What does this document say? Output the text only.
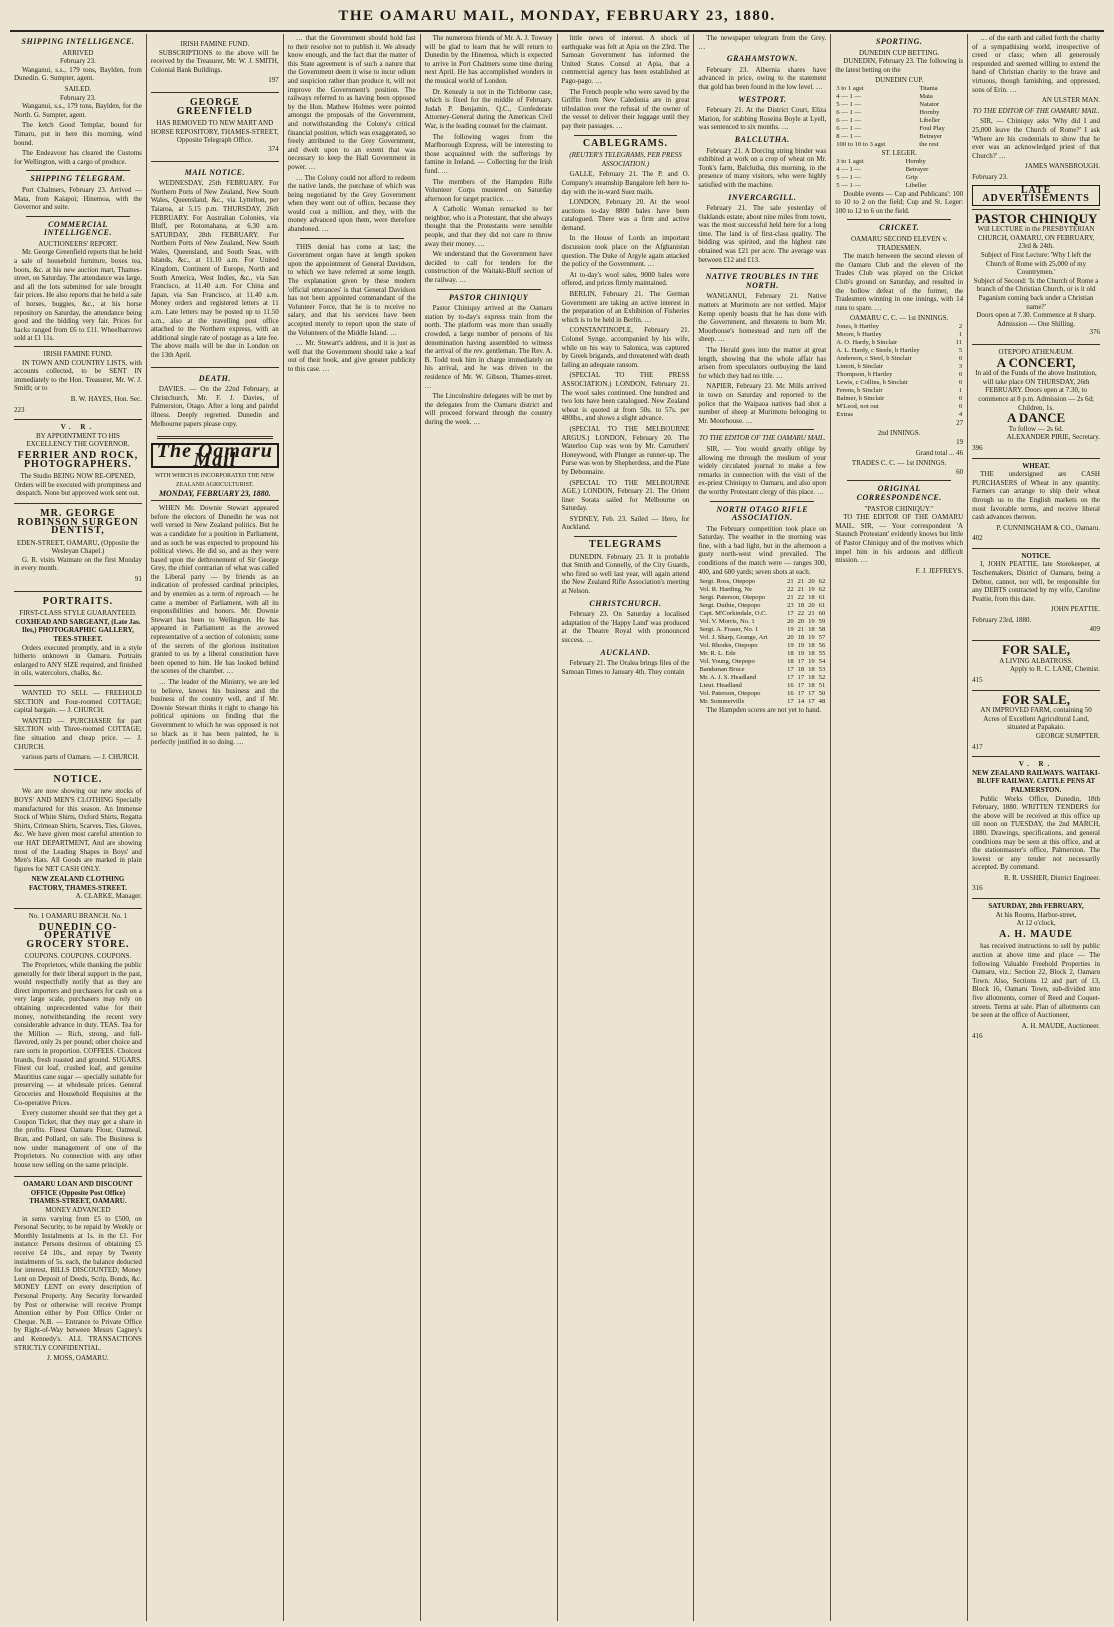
THE OAMARU MAIL, MONDAY, FEBRUARY 23, 1880.
SHIPPING INTELLIGENCE.
ARRIVED
February 23.
Wanganui, s.s., 179 tons, Baylden, from Dunedin. G. Sumpter, agent.
SAILED.
February 23.
Wanganui, s.s., 179 tons, Baylden, for the North. G. Sumpter, agent.
The ketch Good Templar, bound for Timaru, put in here this morning, wind bound.
The Endeavour has cleared the Customs for Wellington, with a cargo of produce.
SHIPPING TELEGRAM.
Port Chalmers, February 23. Arrived — Mata, from Kaiapoi; Hinemoa, with the Governor and suite.
COMMERCIAL INTELLIGENCE.
AUCTIONEERS' REPORT.
Mr. George Greenfield reports that he held a sale of household furniture, boxes tea, boots, &c. at his new auction mart, Thames-street, on Saturday. The attendance was large, and all the lots submitted for sale brought fair prices. He also reports that he held a sale of horses, buggies, &c., at his horse repository on Saturday, the attendance being good and the bidding very fair. Prices for hacks ranged from £6 to £11. Wheelbarrows sold at £1 11s.
IRISH FAMINE FUND.
IN TOWN AND COUNTRY LISTS, with accounts collected, to be SENT IN immediately to the Hon. Treasurer, Mr. W. J. Smith; or to
B. W. HAYES, Hon. Sec.
223
V. R.
BY APPOINTMENT TO HIS EXCELLENCY THE GOVERNOR.
FERRIER AND ROCK, PHOTOGRAPHERS.
The Studio BEING NOW RE-OPENED, Orders will be executed with promptness and despatch. None but approved work sent out.
MR. GEORGE ROBINSON SURGEON DENTIST,
EDEN-STREET, OAMARU, (Opposite the Wesleyan Chapel.)
G. R. visits Waimate on the first Monday in every month.
91
PORTRAITS.
FIRST-CLASS STYLE GUARANTEED.
COXHEAD AND SARGEANT, (Late Jas. Iles,) PHOTOGRAPHIC GALLERY, TEES-STREET.
Orders executed promptly, and in a style hitherto unknown in Oamaru. Portraits enlarged to ANY SIZE required, and finished in oils, watercolors, chalks, &c.
WANTED TO SELL — FREEHOLD SECTION and Four-roomed COTTAGE; capital bargain. — J. CHURCH.
WANTED — PURCHASER for part SECTION with Three-roomed COTTAGE; fine situation and cheap price. — J. CHURCH.
various parts of Oamaru. — J. CHURCH.
NOTICE.
We are now showing our new stocks of BOYS' AND MEN'S CLOTHING Specially manufactured for this season. An Immense Stock of White Shirts, Oxford Shirts, Regatta Shirts, Crimean Shirts, Scarves, Ties, Gloves, &c. We have given most careful attention to our HAT DEPARTMENT, And are showing most of the Leading Shapes in Boys' and Men's Hats. All Goods are marked in plain figures for NET CASH ONLY.
NEW ZEALAND CLOTHING FACTORY, THAMES-STREET.
A. CLARKE, Manager.
No. 1 OAMARU BRANCH. No. 1
DUNEDIN CO-OPERATIVE GROCERY STORE.
COUPONS. COUPONS. COUPONS.
The Proprietors, while thanking the public generally for their liberal support in the past, would respectfully notify that as they are direct importers and purchasers for cash on a very large scale, purchasers may rely on obtaining unprecedented value for their money, notwithstanding the recent very considerable advance in duty. TEAS. Tea for the Million — Rich, strong, and full-flavored, only 2s per pound; other choice and rare sorts in proportion. COFFEES. Choicest brands, fresh roasted and ground. SUGARS. Finest cut loaf, crushed loaf, and genuine Mauritius cane sugar — specially suitable for preserving — at wholesale prices. General Groceries and Household Requisites at the Co-operative Prices.
Every customer should see that they get a Coupon Ticket, that they may get a share in the profits. Finest Oamaru Flour, Oatmeal, Bran, and Pollard, on sale. The Business is now under management of one of the Proprietors. No connection with any other house now selling on the same principle.
OAMARU LOAN AND DISCOUNT OFFICE (Opposite Post Office) THAMES-STREET, OAMARU.
MONEY ADVANCED
in sums varying from £5 to £500, on Personal Security, to be repaid by Weekly or Monthly Instalments at 1s. in the £1. For instance: Persons desirous of obtaining £5 receive £4 10s., and repay by Twenty instalments of 5s. each, the balance deducted for interest. BILLS DISCOUNTED; Money Lent on Deposit of Deeds, Scrip, Bonds, &c. MONEY LENT on every description of Personal Property. Any Security forwarded by Post or otherwise will receive Prompt Attention either by Post Office Order or Cheque. N.B. — Entrance to Private Office by Right-of-Way between Messrs Cagney's and Kennedy's. ALL TRANSACTIONS STRICTLY CONFIDENTIAL.
J. MOSS, OAMARU.
IRISH FAMINE FUND.
SUBSCRIPTIONS to the above will be received by the Treasurer, Mr. W. J. SMITH, Colonial Bank Buildings.
197
GEORGE GREENFIELD
HAS REMOVED TO NEW MART AND HORSE REPOSITORY, THAMES-STREET, Opposite Telegraph Office.
374
MAIL NOTICE.
WEDNESDAY, 25th FEBRUARY. For Northern Ports of New Zealand, New South Wales, Queensland, &c., via Lyttelton, per Taiaroa, at 5.15 p.m. THURSDAY, 26th FEBRUARY. For Australian Colonies, via Bluff, per Rotomahana, at 6.30 a.m. SATURDAY, 28th FEBRUARY. For Northern Ports of New Zealand, New South Wales, Queensland, and South Seas, with Islands, &c., at 11.10 a.m. For United Kingdom, Continent of Europe, North and South America, West Indies, &c., via San Francisco, at 11.40 a.m. For China and Japan, via San Francisco, at 11.40 a.m. Money orders and registered letters at 11 a.m. Late letters may be posted up to 11.50 a.m., also at the travelling post office attached to the Northern express, with an additional single rate of postage as a late fee. The above mails will be due in London on the 13th April.
DEATH.
DAVIES. — On the 22nd February, at Christchurch, Mr. F. J. Davies, of Palmerston, Otago. After a long and painful illness. Deeply regretted. Dunedin and Melbourne papers please copy.
The Oamaru Mail
WITH WHICH IS INCORPORATED THE NEW ZEALAND AGRICULTURIST.
MONDAY, FEBRUARY 23, 1880.
WHEN Mr. Downie Stewart appeared before the electors of Dunedin he was not well versed in New Zealand politics. But he was a candidate for a position in Parliament, and as such he was expected to propound his political views. He did so, and as they were based upon the dethronement of Sir George Grey, the chief contrarian of what was called the Liberal party — by friends as an indication of professed cardinal principles, and by enemies as a term of reproach — he came a member of Parliament, with all its responsibilities and honors. Mr. Downie Stewart has been to Wellington. He has appeared in Parliament as the avowed representative of a section of colonists; some of the secrets of the glorious institution granted to us by a liberal constitution have been opened to him. He has looked behind the scenes of the chamber. …
… The leader of the Ministry, we are led to believe, knows his business and the business of the country well, and if Mr. Downie Stewart thinks it right to change his political opinions on finding that the Government to which he was opposed is not so black as it has been painted, he is perfectly justified in so doing. …
… that the Government should hold fast to their resolve not to publish it. We already know enough, and the fact that the matter of this State agreement is of such a nature that the Government deem it wise to incur odium and suspicion rather than produce it, will not improve the Government's position. The railways referred to as having been opposed by the Hon. Mathew Holmes were pointed amongst the proposals of the Government, and notwithstanding the Colony's critical financial position, which was exaggerated, so freely attributed to the Grey Government, and dwelt upon to an extent that was necessary to keep the Hall Government in power. …
… The Colony could not afford to redeem the native lands, the purchase of which was being negotiated by the Grey Government when they went out of office, because they would cost a million, and they, with the money advanced upon them, were therefore abandoned. …
THIS denial has come at last; the Government organ have at length spoken upon the appointment of General Davidson, to which we have referred at some length. The explanation given by these modern 'official utterances' is that General Davidson has not been appointed commandant of the Volunteer Force, that he is to receive no salary, and that his services have been accepted merely to report upon the state of the Volunteers of the Middle Island. …
… Mr. Stewart's address, and it is just as well that the Government should take a leaf out of their book, and give greater publicity to this case. …
The numerous friends of Mr. A. J. Towsey will be glad to learn that he will return to Dunedin by the Hinemoa, which is expected to arrive in Port Chalmers some time during next April. He has accomplished wonders in the musical world of London.
Dr. Kenealy is not in the Tichborne case, which is fixed for the middle of February. Judah P. Benjamin, Q.C., Confederate Attorney-General during the American Civil War, is the leading counsel for the claimant.
The following wages from the Marlborough Express, will be interesting to those acquainted with the sufferings by famine in Ireland. — Collecting for the Irish fund. …
The members of the Hampden Rifle Volunteer Corps mustered on Saturday afternoon for target practice. …
A Catholic Woman remarked to her neighbor, who is a Protestant, that she always thought that the Protestants were sensible people, and that they did not care to throw away their money. …
We understand that the Government have decided to call for tenders for the construction of the Waitaki-Bluff section of the railway. …
PASTOR CHINIQUY
Pastor Chiniquy arrived at the Oamaru station by to-day's express train from the north. The platform was more than usually crowded, a large number of persons of his denomination having assembled to witness the arrival of the rev. gentleman. The Rev. A. B. Todd took him in charge immediately on his arrival, and he was driven to the residence of Mr. W. Gibson, Thames-street. …
The Lincolnshire delegates will be met by the delegates from the Oamaru district and will proceed forward through the country during the week. …
little news of interest. A shock of earthquake was felt at Apia on the 23rd. The Samoan Government has informed the United States Consul at Apia, that a commercial agency has been established at Pago-pago. …
The French people who were saved by the Griffin from New Caledonia are in great tribulation over the refusal of the owner of the vessel to deliver their luggage until they pay their passages. …
CABLEGRAMS.
(REUTER'S TELEGRAMS, PER PRESS ASSOCIATION.)
GALLE, February 21. The P. and O. Company's steamship Bangalore left here to-day with the in-ward Suez mails.
LONDON, February 20. At the wool auctions to-day 8800 bales have been catalogued. There was a firm and active demand.
In the House of Lords an important discussion took place on the Afghanistan question. The Duke of Argyle again attacked the policy of the Government. …
At to-day's wool sales, 9000 bales were offered, and prices firmly maintained.
BERLIN, February 21. The German Government are taking an active interest in the preparation of an Exhibition of Fisheries which is to be held in Berlin. …
CONSTANTINOPLE, February 21. Colonel Synge, accompanied by his wife, while on his way to Salonica, was captured by Greek brigands, and threatened with death failing an adequate ransom.
(SPECIAL TO THE PRESS ASSOCIATION.) LONDON, February 21. The wool sales continued. One hundred and two lots have been catalogued. New Zealand wheat is quoted at from 50s. to 57s. per 480lbs., and shows a slight advance.
(SPECIAL TO THE MELBOURNE ARGUS.) LONDON, February 20. The Waterloo Cup was won by Mr. Carruthers' Honeywood, with Plunger as runner-up. The Purse was won by Shepherdess, and the Plate by Debonnaire.
(SPECIAL TO THE MELBOURNE AGE.) LONDON, February 21. The Orient liner Sorata sailed for Melbourne on Saturday.
SYDNEY, Feb. 23. Sailed — Hero, for Auckland.
TELEGRAMS
DUNEDIN. February 23. It is probable that Smith and Connelly, of the City Guards, who fired so well last year, will again attend the New Zealand Rifle Association's meeting at Nelson.
CHRISTCHURCH.
February 23. On Saturday a localised adaptation of the 'Happy Land' was produced at the Theatre Royal with pronounced success. …
AUCKLAND.
February 21. The Oralea brings files of the Samoan Times to January 4th. They contain
The newspaper telegram from the Grey. …
GRAHAMSTOWN.
February 23. Albernia shares have advanced in price, owing to the statement that gold has been found in the low level. …
WESTPORT.
February 21. At the District Court, Eliza Marion, for stabbing Roseina Boyle at Lyell, was sentenced to six months. …
BALCLUTHA.
February 21. A Dorcing string binder was exhibited at work on a crop of wheat on Mr. Tonk's farm, Balclutha, this morning, in the presence of many visitors, who were highly satisfied with the machine.
INVERCARGILL.
February 21. The sale yesterday of Oaklands estate, about nine miles from town, was the most successful held here for a long time. The land is of first-class quality. The bidding was spirited, and the highest rate obtained was £21 per acre. The average was between £12 and £13.
NATIVE TROUBLES IN THE NORTH.
WANGANUI, February 21. Native matters at Murimotu are not settled. Major Kemp openly boasts that he has done with the Government, and threatens to burn Mr. Moorhouse's homestead and turn off the sheep. …
The Herald goes into the matter at great length, showing that the whole affair has arisen from speculators outbuying the land for which they had no title. …
NAPIER, February 23. Mr. Mills arrived in town on Saturday and reported to the police that the Waipaoa natives had shot a number of sheep at Murimotu belonging to Mr. Moorhouse. …
TO THE EDITOR OF THE OAMARU MAIL.
SIR, — You would greatly oblige by allowing me through the medium of your widely circulated journal to make a few remarks in connection with the visit of the ex-priest Chiniquy to Oamaru, and also upon the worthy Protestant clergy of this place. …
NORTH OTAGO RIFLE ASSOCIATION.
The February competition took place on Saturday. The weather in the morning was fine, with a bad light, but in the afternoon a gusty north-west wind prevailed. The conditions of the match were — ranges 300, 400, and 600 yards; seven shots at each.
Sergt. Ross, Otepopo	21	21	20	62
Vol. R. Harding, Ne	22	21	19	62
Sergt. Paterson, Otepopo	21	22	18	61
Sergt. Duthie, Otepopo	23	18	20	61
Capt. M'Corkindale, O.C.	17	22	21	60
Vol. V. Morris, No. 1	20	20	19	59
Sergt. A. Fraser, No. 1	19	21	18	58
Vol. J. Sharp, Grange, Art	20	18	19	57
Vol. Rhodes, Otepopo	19	19	18	56
Mr. R. L. Ede	18	19	18	55
Vol. Young, Otepopo	18	17	19	54
Bandsman Bruce	17	18	18	53
Mr. A. J. S. Headland	17	17	18	52
Lieut. Headland	16	17	18	51
Vol. Paterson, Otepopo	16	17	17	50
Mr. Sommerville	17	14	17	48
The Hampden scores are not yet to hand.
SPORTING.
DUNEDIN CUP BETTING.
DUNEDIN, February 23. The following is the latest betting on the
DUNEDIN CUP.
3 to 1 agst	Titania
4 — 1 —	Mata
5 — 1 —	Natator
6 — 1 —	Hornby
6 — 1 —	Libeller
6 — 1 —	Foul Play
8 — 1 —	Betrayer
100 to 10 to 3 agst	the rest
ST. LEGER.
3 to 1 agst	Hornby
4 — 1 —	Betrayer
5 — 1 —	Grip
5 — 1 —	Libeller
Double events — Cup and Publicans': 100 to 10 to 2 on the field; Cup and St. Leger: 100 to 12 to 6 on the field.
CRICKET.
OAMARU SECOND ELEVEN v. TRADESMEN.
The match between the second eleven of the Oamaru Club and the eleven of the Trades Club was played on the Cricket Club's ground on Saturday, and resulted in the hollow defeat of the former, the Tradesmen winning in one innings, with 14 runs to spare. …
OAMARU C. C. — 1st INNINGS.
Jones, b Hartley	2
Moore, b Hartley	1
A. O. Hardy, b Sinclair	11
A. L. Hardy, c Steele, b Hartley	5
Anderson, c Steel, b Sinclair	0
Lintott, b Sinclair	3
Thompson, b Hartley	0
Lewis, c Collins, b Sinclair	0
Ferens, b Sinclair	1
Balmer, b Sinclair	0
M'Leod, not out	0
Extras	4
27
2nd INNINGS.
19
Grand total ... 46
TRADES C. C. — 1st INNINGS.
60
ORIGINAL CORRESPONDENCE.
"PASTOR CHINIQUY."
TO THE EDITOR OF THE OAMARU MAIL. SIR, — Your correspondent 'A Staunch Protestant' evidently knows but little of Pastor Chiniquy and of the motives which impel him in his arduous and difficult mission. …
F. J. JEFFREYS.
… of the earth and called forth the charity of a sympathising world, irrespective of creed or class; when all generously responded and seemed willing to extend the hand of Christian charity to the brave and virtuous, though famishing, and oppressed, sons of Erin. …
AN ULSTER MAN.
TO THE EDITOR OF THE OAMARU MAIL.
SIR, — Chiniquy asks 'Why did I and 25,000 leave the Church of Rome?' I ask 'Where are his credentials to show that he ever was an acknowledged priest of that Church?' …
JAMES WANSBROUGH.
February 23.
LATE ADVERTISEMENTS
PASTOR CHINIQUY
Will LECTURE in the PRESBYTERIAN CHURCH, OAMARU, ON FEBRUARY, 23rd & 24th.
Subject of First Lecture: 'Why I left the Church of Rome with 25,000 of my Countrymen.'
Subject of Second: 'Is the Church of Rome a branch of the Christian Church, or is it old Paganism coming back under a Christian name?'
Doors open at 7.30. Commence at 8 sharp.
Admission — One Shilling.
376
OTEPOPO ATHENÆUM.
A CONCERT,
In aid of the Funds of the above Institution, will take place ON THURSDAY, 26th FEBRUARY. Doors open at 7.30, to commence at 8 p.m. Admission — 2s 6d; Children, 1s.
A DANCE
To follow — 2s 6d.
ALEXANDER PIRIE, Secretary.
396
WHEAT.
THE undersigned are CASH PURCHASERS of Wheat in any quantity. Farmers can arrange to ship their wheat through us to the English markets on the most favorable terms, and receive liberal cash advances thereon.
P. CUNNINGHAM & CO., Oamaru.
402
NOTICE.
I, JOHN PEATTIE, late Storekeeper, at Teschemakers, District of Oamaru, being a Debtor, cannot, nor will, be responsible for any DEBTS contracted by my wife, Caroline Peattie, from this date.
JOHN PEATTIE.
February 23rd, 1880.
409
FOR SALE,
A LIVING ALBATROSS.
Apply to R. C. LANE, Chemist.
415
FOR SALE,
AN IMPROVED FARM, containing 50 Acres of Excellent Agricultural Land, situated at Papakaio.
GEORGE SUMPTER.
417
V. R.
NEW ZEALAND RAILWAYS. WAITAKI-BLUFF RAILWAY. CATTLE PENS AT PALMERSTON.
Public Works Office, Dunedin, 18th February, 1880. WRITTEN TENDERS for the above will be received at this office up till noon on TUESDAY, the 2nd MARCH, 1880. Drawings, specifications, and general conditions may be seen at this office, and at the stationmaster's office, Palmerston. The lowest or any tender not necessarily accepted. By command.
R. R. USSHER, District Engineer.
316
SATURDAY, 28th FEBRUARY,
At his Rooms, Harbor-street,
At 12 o'clock,
A. H. MAUDE
has received instructions to sell by public auction at above time and place — The following Valuable Freehold Properties in Oamaru, viz.: Section 22, Block 2, Oamaru Town. Also, Sections 12 and part of 13, Block 16, Oamaru Town, sub-divided into five allotments, corner of Reed and Coquet-streets. Terms at sale. Plan of allotments can be seen at the office of Auctioneer,
A. H. MAUDE, Auctioneer.
416
